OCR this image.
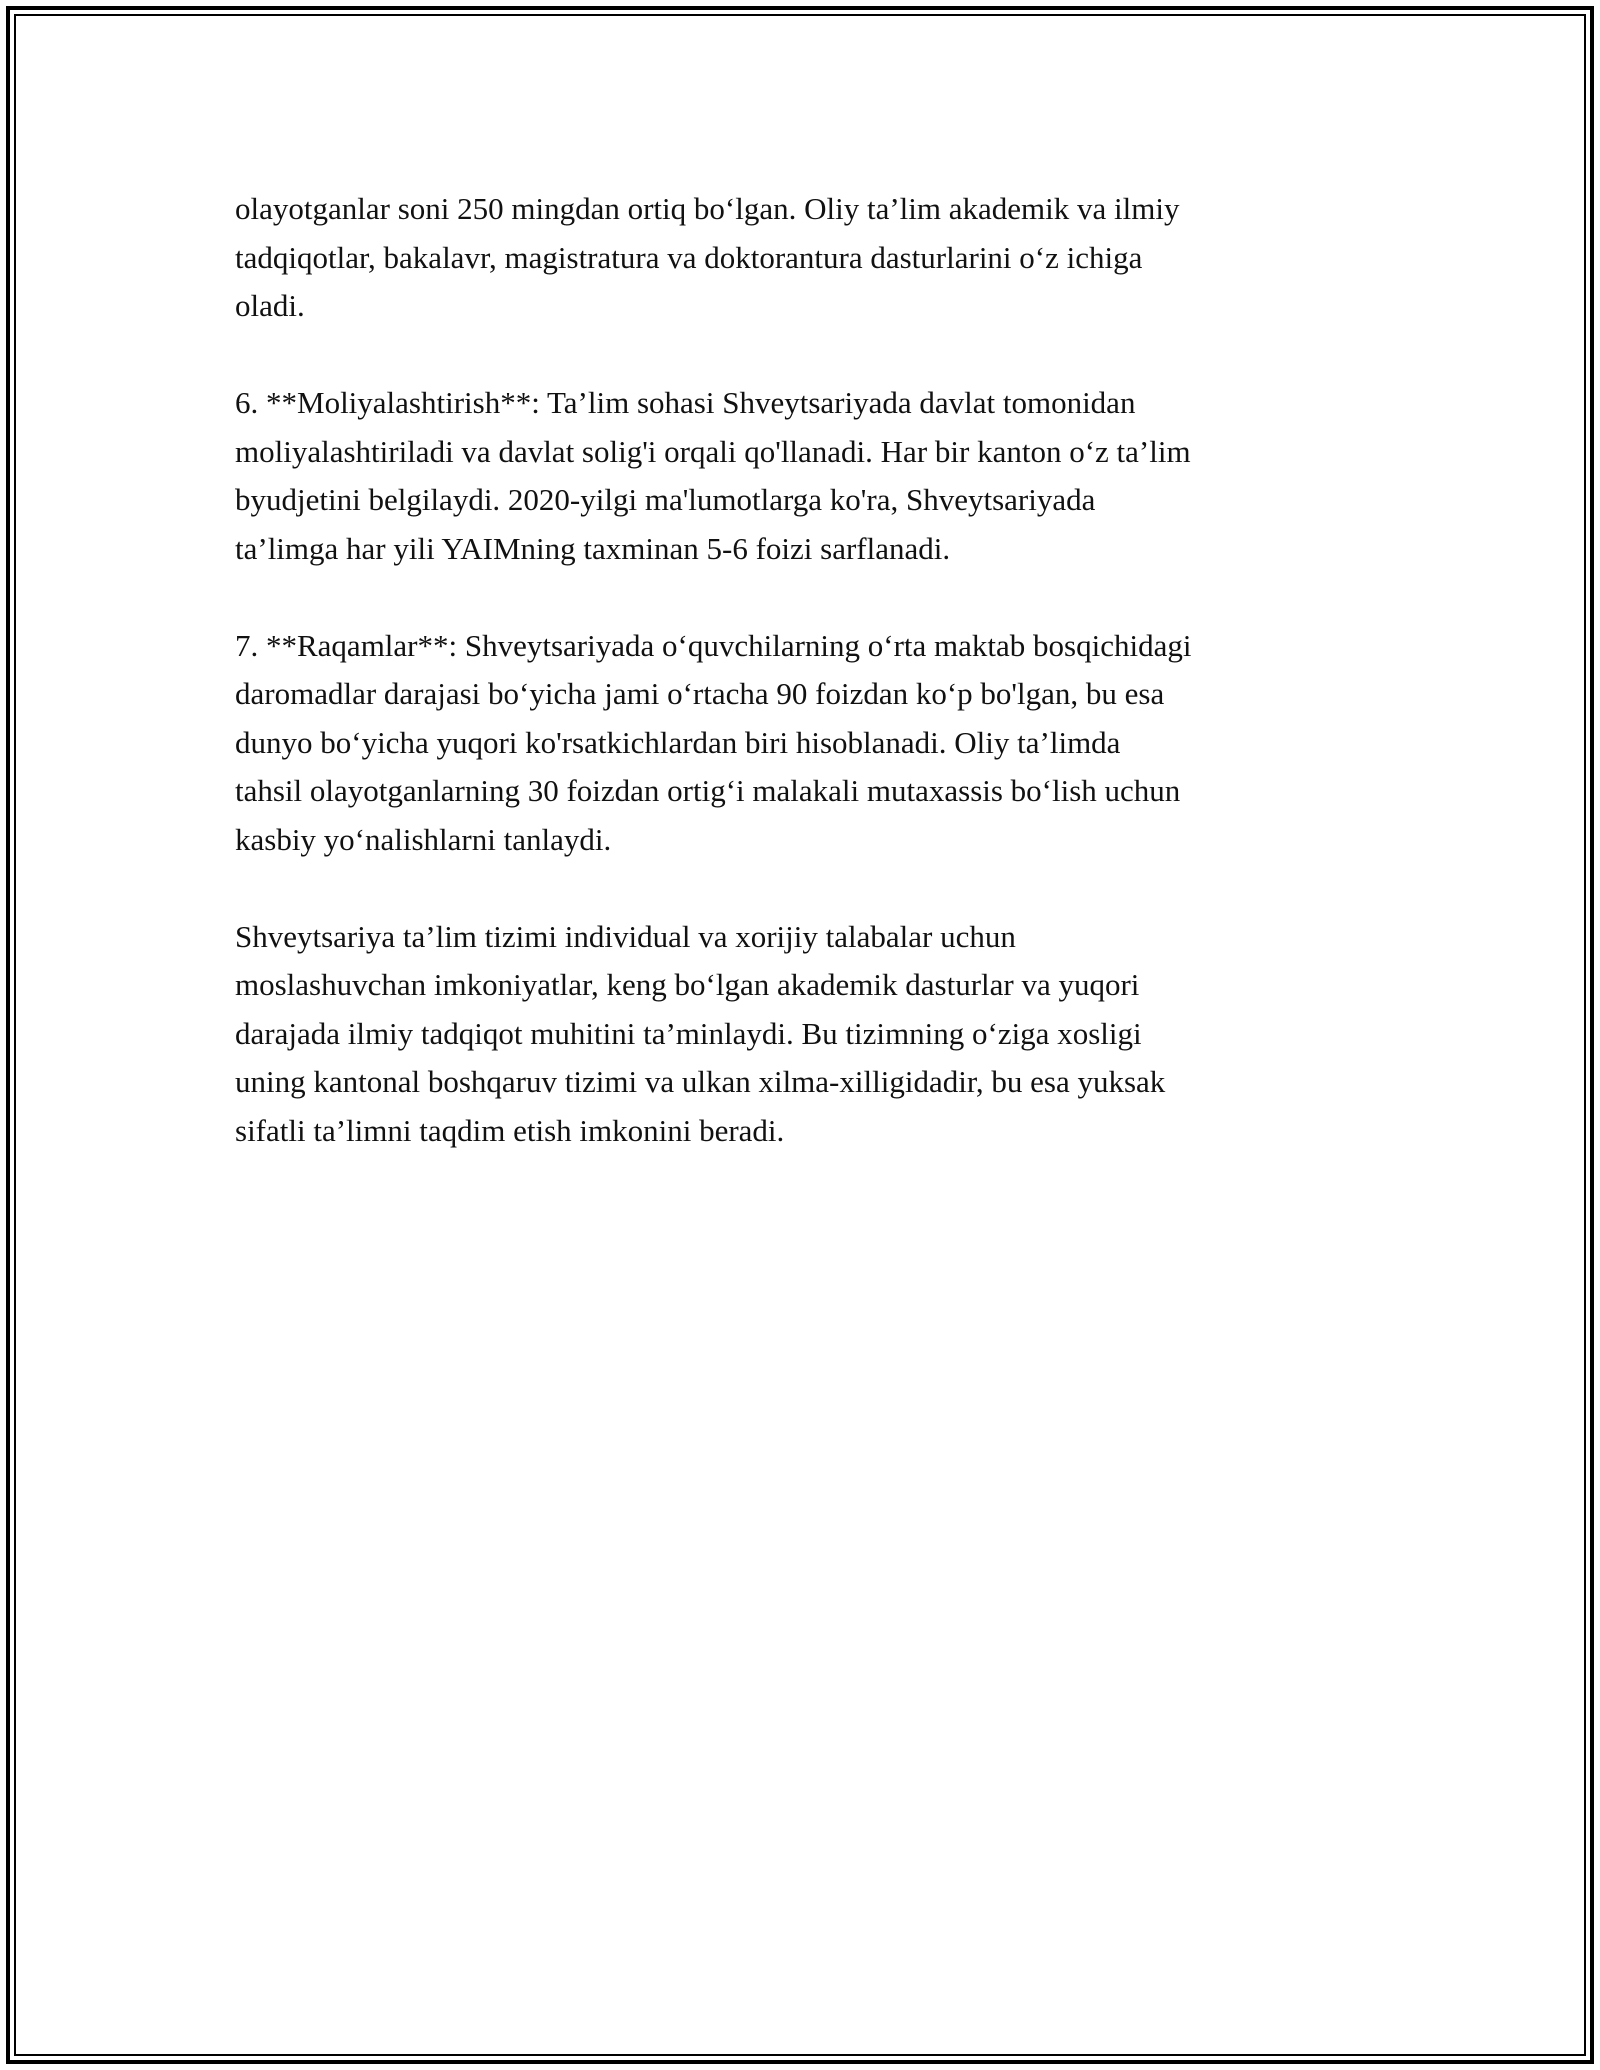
olayotganlar soni 250 mingdan ortiq bo‘lgan. Oliy ta’lim akademik va ilmiy
tadqiqotlar, bakalavr, magistratura va doktorantura dasturlarini o‘z ichiga
oladi.

6. **Moliyalashtirish**: Ta’lim sohasi Shveytsariyada davlat tomonidan
moliyalashtiriladi va davlat solig'i orqali qo'llanadi. Har bir kanton o‘z ta’lim
byudjetini belgilaydi. 2020-yilgi ma'lumotlarga ko'ra, Shveytsariyada
ta’limga har yili YAIMning taxminan 5-6 foizi sarflanadi.

7. **Raqamlar**: Shveytsariyada o‘quvchilarning o‘rta maktab bosqichidagi
daromadlar darajasi bo‘yicha jami o‘rtacha 90 foizdan ko‘p bo'lgan, bu esa
dunyo bo‘yicha yuqori ko'rsatkichlardan biri hisoblanadi. Oliy ta’limda
tahsil olayotganlarning 30 foizdan ortig‘i malakali mutaxassis bo‘lish uchun
kasbiy yo‘nalishlarni tanlaydi.

Shveytsariya ta’lim tizimi individual va xorijiy talabalar uchun
moslashuvchan imkoniyatlar, keng bo‘lgan akademik dasturlar va yuqori
darajada ilmiy tadqiqot muhitini ta’minlaydi. Bu tizimning o‘ziga xosligi
uning kantonal boshqaruv tizimi va ulkan xilma-xilligidadir, bu esa yuksak
sifatli ta’limni taqdim etish imkonini beradi.
